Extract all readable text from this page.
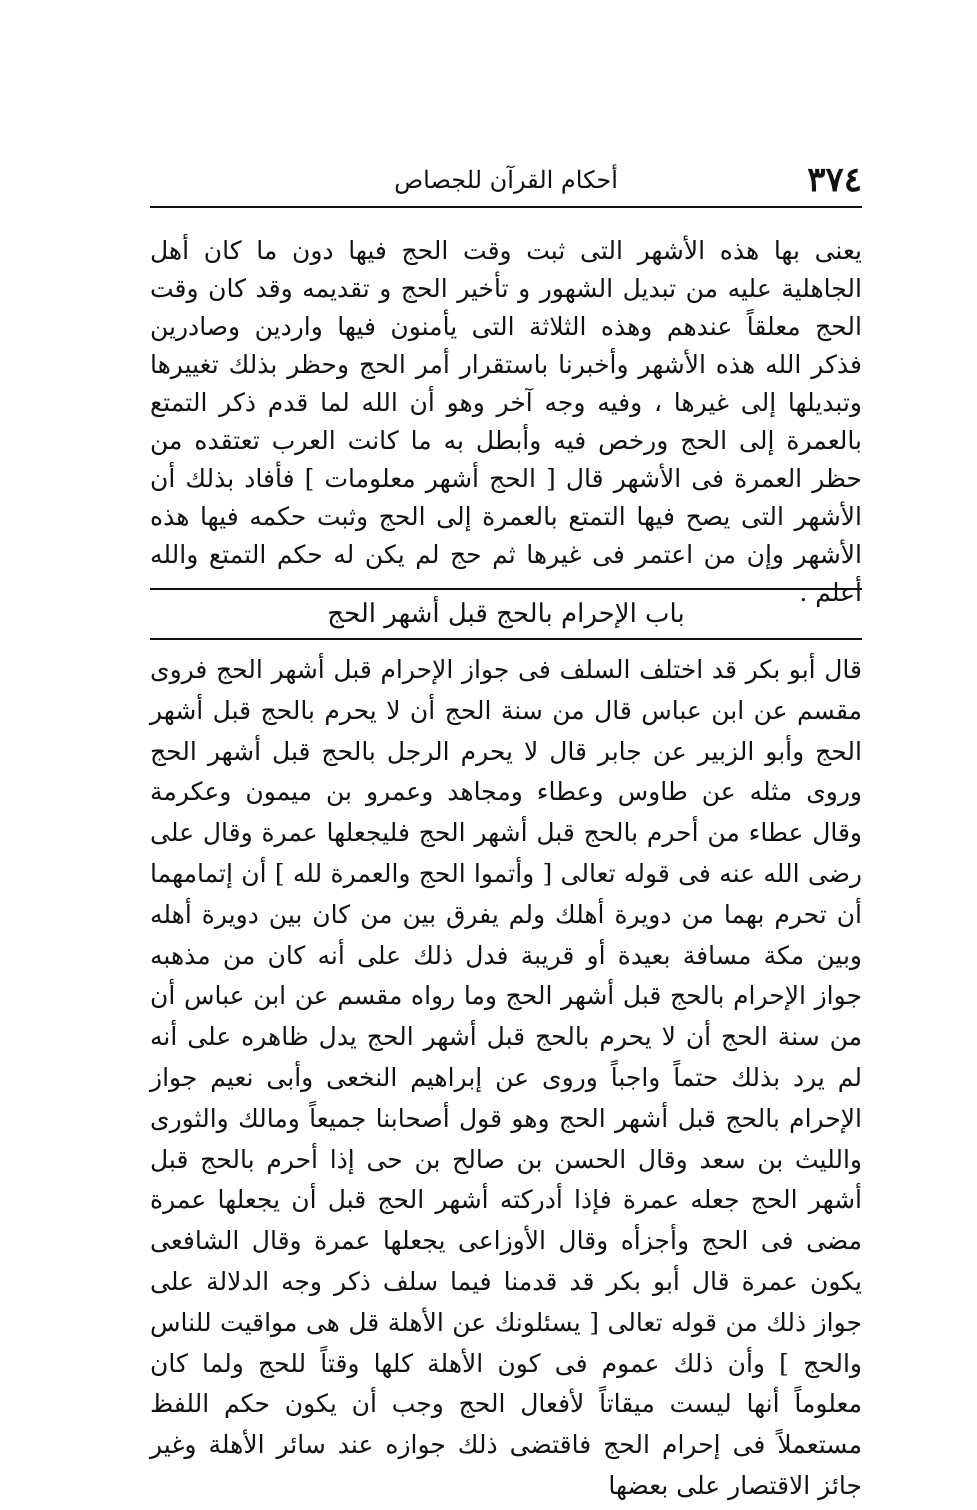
٣٧٤
أحكام القرآن للجصاص

يعنى بها هذه الأشهر التى ثبت وقت الحج فيها دون ما كان أهل الجاهلية عليه من تبديل الشهور و تأخير الحج و تقديمه وقد كان وقت الحج معلقاً عندهم وهذه الثلاثة التى يأمنون فيها واردين وصادرين فذكر الله هذه الأشهر وأخبرنا باستقرار أمر الحج وحظر بذلك تغييرها وتبديلها إلى غيرها ، وفيه وجه آخر وهو أن الله لما قدم ذكر التمتع بالعمرة إلى الحج ورخص فيه وأبطل به ما كانت العرب تعتقده من حظر العمرة فى الأشهر قال [ الحج أشهر معلومات ] فأفاد بذلك أن الأشهر التى يصح فيها التمتع بالعمرة إلى الحج وثبت حكمه فيها هذه الأشهر وإن من اعتمر فى غيرها ثم حج لم يكن له حكم التمتع والله أعلم .

باب الإحرام بالحج قبل أشهر الحج

قال أبو بكر قد اختلف السلف فى جواز الإحرام قبل أشهر الحج فروى مقسم عن ابن عباس قال من سنة الحج أن لا يحرم بالحج قبل أشهر الحج وأبو الزبير عن جابر قال لا يحرم الرجل بالحج قبل أشهر الحج وروى مثله عن طاوس وعطاء ومجاهد وعمرو بن ميمون وعكرمة وقال عطاء من أحرم بالحج قبل أشهر الحج فليجعلها عمرة وقال على رضى الله عنه فى قوله تعالى [ وأتموا الحج والعمرة لله ] أن إتمامهما أن تحرم بهما من دويرة أهلك ولم يفرق بين من كان بين دويرة أهله وبين مكة مسافة بعيدة أو قريبة فدل ذلك على أنه كان من مذهبه جواز الإحرام بالحج قبل أشهر الحج وما رواه مقسم عن ابن عباس أن من سنة الحج أن لا يحرم بالحج قبل أشهر الحج يدل ظاهره على أنه لم يرد بذلك حتماً واجباً وروى عن إبراهيم النخعى وأبى نعيم جواز الإحرام بالحج قبل أشهر الحج وهو قول أصحابنا جميعاً ومالك والثورى والليث بن سعد وقال الحسن بن صالح بن حى إذا أحرم بالحج قبل أشهر الحج جعله عمرة فإذا أدركته أشهر الحج قبل أن يجعلها عمرة مضى فى الحج وأجزأه وقال الأوزاعى يجعلها عمرة وقال الشافعى يكون عمرة قال أبو بكر قد قدمنا فيما سلف ذكر وجه الدلالة على جواز ذلك من قوله تعالى [ يسئلونك عن الأهلة قل هى مواقيت للناس والحج ] وأن ذلك عموم فى كون الأهلة كلها وقتاً للحج ولما كان معلوماً أنها ليست ميقاتاً لأفعال الحج وجب أن يكون حكم اللفظ مستعملاً فى إحرام الحج فاقتضى ذلك جوازه عند سائر الأهلة وغير جائز الاقتصار على بعضها
